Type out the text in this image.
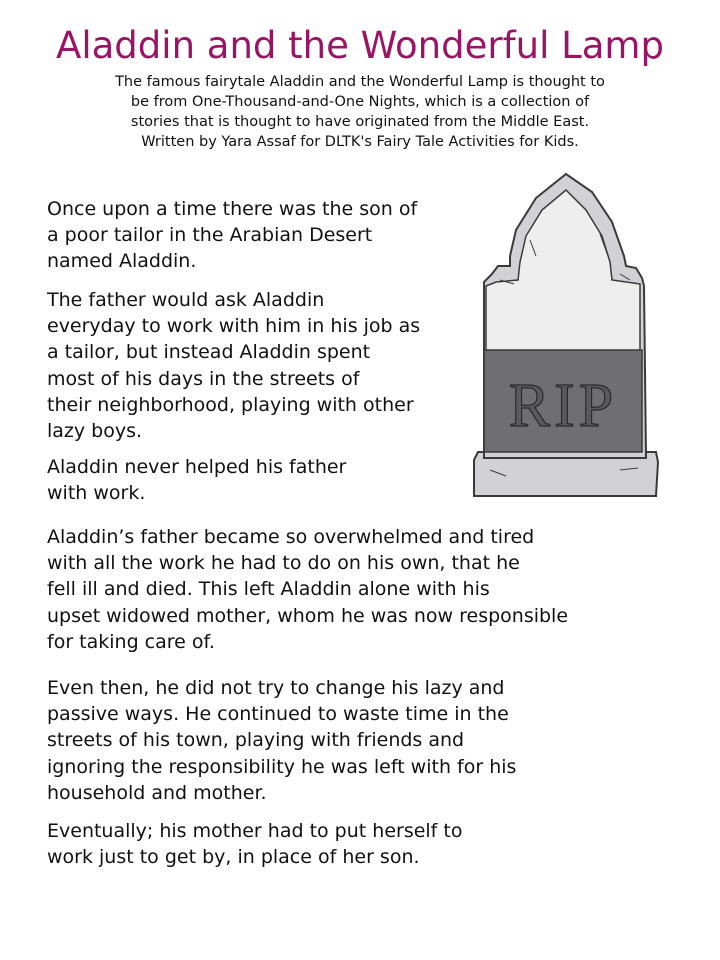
Aladdin and the Wonderful Lamp
The famous fairytale Aladdin and the Wonderful Lamp is thought to
be from One-Thousand-and-One Nights, which is a collection of
stories that is thought to have originated from the Middle East.
Written by Yara Assaf for DLTK's Fairy Tale Activities for Kids.
Once upon a time there was the son of
a poor tailor in the Arabian Desert
named Aladdin.
The father would ask Aladdin
everyday to work with him in his job as
a tailor, but instead Aladdin spent
most of his days in the streets of
their neighborhood, playing with other
lazy boys.
Aladdin never helped his father
with work.
Aladdin’s father became so overwhelmed and tired
with all the work he had to do on his own, that he
fell ill and died. This left Aladdin alone with his
upset widowed mother, whom he was now responsible
for taking care of.
Even then, he did not try to change his lazy and
passive ways. He continued to waste time in the
streets of his town, playing with friends and
ignoring the responsibility he was left with for his
household and mother.
Eventually; his mother had to put herself to
work just to get by, in place of her son.
RIP
